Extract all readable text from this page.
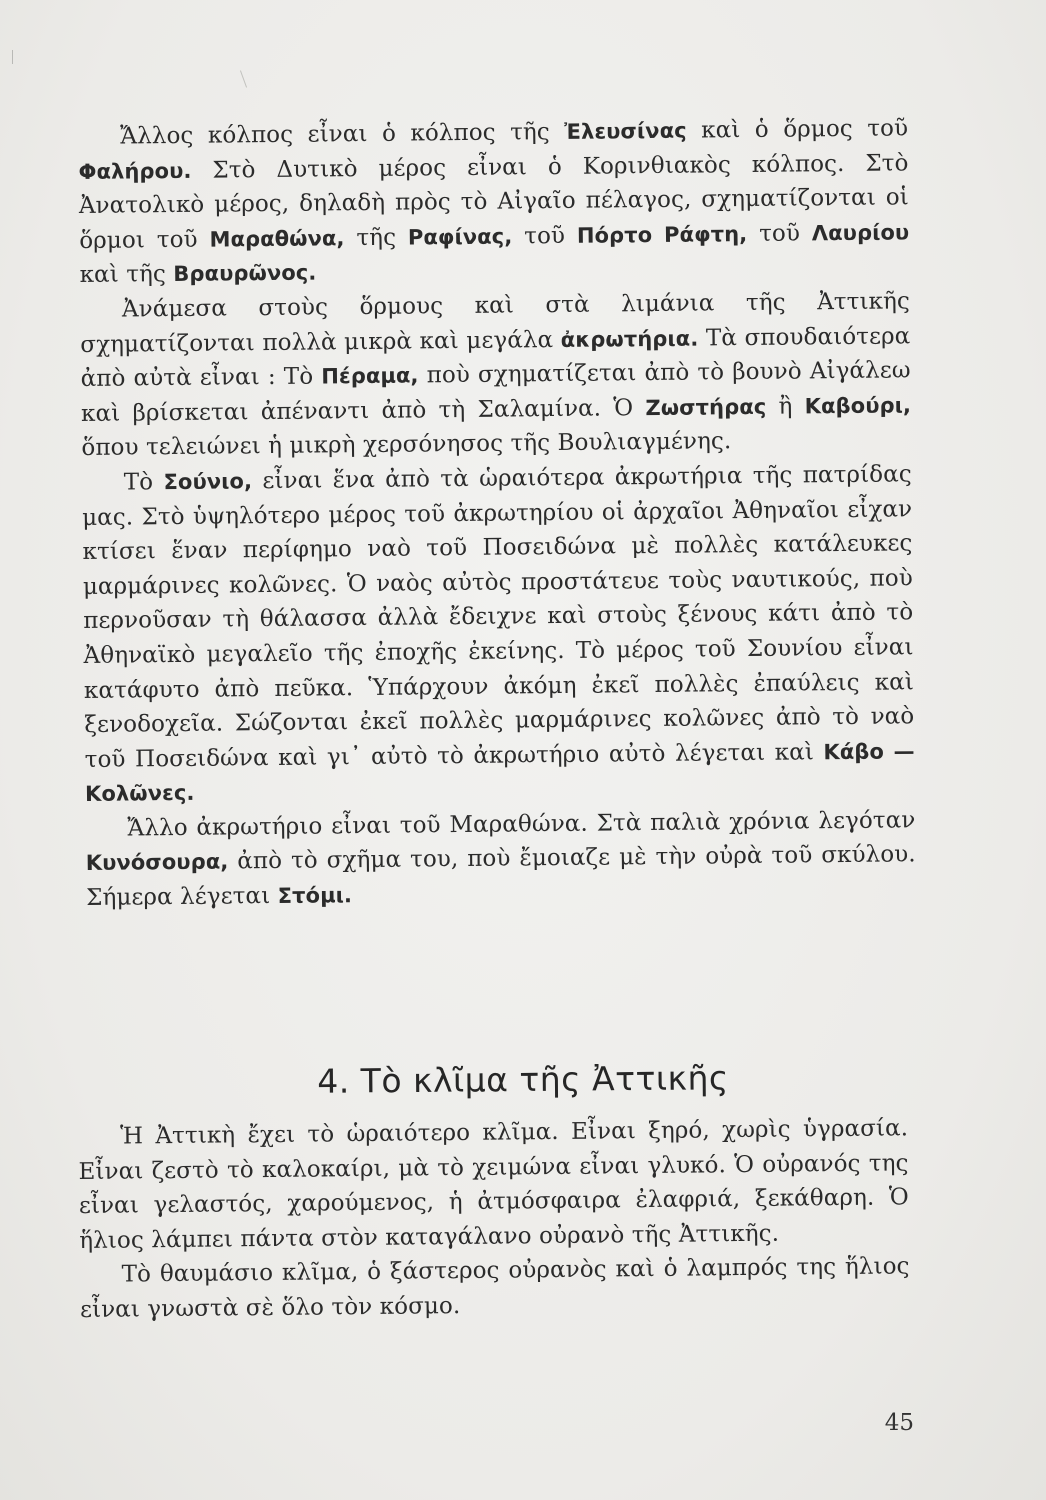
Ἄλλος κόλπος εἶναι ὁ κόλπος τῆς Ἐλευσίνας καὶ ὁ ὅρμος τοῦ Φαλήρου. Στὸ Δυτικὸ μέρος εἶναι ὁ Κορινθιακὸς κόλπος. Στὸ Ἀνατολικὸ μέρος, δηλαδὴ πρὸς τὸ Αἰγαῖο πέλαγος, σχηματίζονται οἱ ὅρμοι τοῦ Μαραθώνα, τῆς Ραφίνας, τοῦ Πόρτο Ράφτη, τοῦ Λαυρίου καὶ τῆς Βραυρῶνος.

Ἀνάμεσα στοὺς ὅρμους καὶ στὰ λιμάνια τῆς Ἀττικῆς σχηματίζονται πολλὰ μικρὰ καὶ μεγάλα ἀκρωτήρια. Τὰ σπουδαιότερα ἀπὸ αὐτὰ εἶναι : Τὸ Πέραμα, ποὺ σχηματίζεται ἀπὸ τὸ βουνὸ Αἰγάλεω καὶ βρίσκεται ἀπέναντι ἀπὸ τὴ Σαλαμίνα. Ὁ Ζωστήρας ἢ Καβούρι, ὅπου τελειώνει ἡ μικρὴ χερσόνησος τῆς Βουλιαγμένης.

Τὸ Σούνιο, εἶναι ἕνα ἀπὸ τὰ ὡραιότερα ἀκρωτήρια τῆς πατρίδας μας. Στὸ ὑψηλότερο μέρος τοῦ ἀκρωτηρίου οἱ ἀρχαῖοι Ἀθηναῖοι εἶχαν κτίσει ἕναν περίφημο ναὸ τοῦ Ποσειδώνα μὲ πολλὲς κατάλευκες μαρμάρινες κολῶνες. Ὁ ναὸς αὐτὸς προστάτευε τοὺς ναυτικούς, ποὺ περνοῦσαν τὴ θάλασσα ἀλλὰ ἔδειχνε καὶ στοὺς ξένους κάτι ἀπὸ τὸ Ἀθηναϊκὸ μεγαλεῖο τῆς ἐποχῆς ἐκείνης. Τὸ μέρος τοῦ Σουνίου εἶναι κατάφυτο ἀπὸ πεῦκα. Ὑπάρχουν ἀκόμη ἐκεῖ πολλὲς ἐπαύλεις καὶ ξενοδοχεῖα. Σώζονται ἐκεῖ πολλὲς μαρμάρινες κολῶνες ἀπὸ τὸ ναὸ τοῦ Ποσειδώνα καὶ γι᾿ αὐτὸ τὸ ἀκρωτήριο αὐτὸ λέγεται καὶ Κάβο — Κολῶνες.

Ἄλλο ἀκρωτήριο εἶναι τοῦ Μαραθώνα. Στὰ παλιὰ χρόνια λεγόταν Κυνόσουρα, ἀπὸ τὸ σχῆμα του, ποὺ ἔμοιαζε μὲ τὴν οὐρὰ τοῦ σκύλου. Σήμερα λέγεται Στόμι.

4. Τὸ κλῖμα τῆς Ἀττικῆς

Ἡ Ἀττικὴ ἔχει τὸ ὡραιότερο κλῖμα. Εἶναι ξηρό, χωρὶς ὑγρασία. Εἶναι ζεστὸ τὸ καλοκαίρι, μὰ τὸ χειμώνα εἶναι γλυκό. Ὁ οὐρανός της εἶναι γελαστός, χαρούμενος, ἡ ἀτμόσφαιρα ἐλαφριά, ξεκάθαρη. Ὁ ἥλιος λάμπει πάντα στὸν καταγάλανο οὐρανὸ τῆς Ἀττικῆς.

Τὸ θαυμάσιο κλῖμα, ὁ ξάστερος οὐρανὸς καὶ ὁ λαμπρός της ἥλιος εἶναι γνωστὰ σὲ ὅλο τὸν κόσμο.

45
